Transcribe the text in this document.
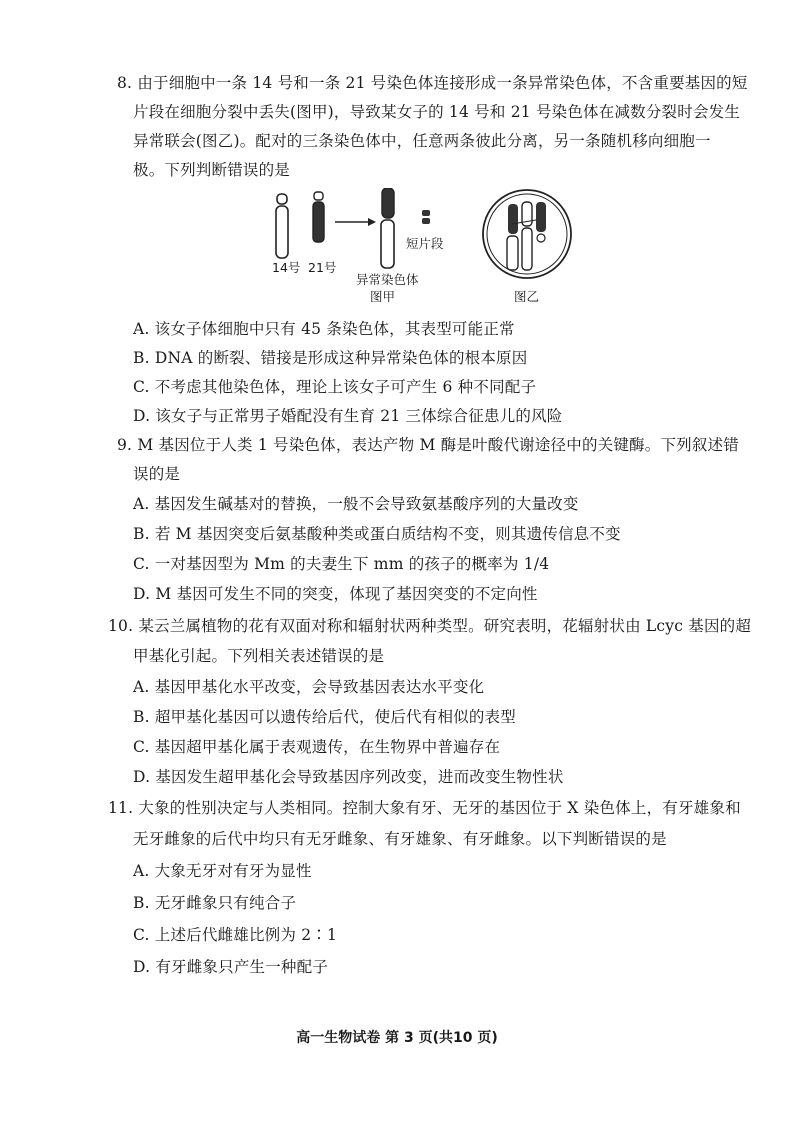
8. 由于细胞中一条 14 号和一条 21 号染色体连接形成一条异常染色体，不含重要基因的短
片段在细胞分裂中丢失(图甲)，导致某女子的 14 号和 21 号染色体在减数分裂时会发生
异常联会(图乙)。配对的三条染色体中，任意两条彼此分离，另一条随机移向细胞一
极。下列判断错误的是
短片段
14号 21号
异常染色体
图甲	图乙
A. 该女子体细胞中只有 45 条染色体，其表型可能正常
B. DNA 的断裂、错接是形成这种异常染色体的根本原因
C. 不考虑其他染色体，理论上该女子可产生 6 种不同配子
D. 该女子与正常男子婚配没有生育 21 三体综合征患儿的风险
9. M 基因位于人类 1 号染色体，表达产物 M 酶是叶酸代谢途径中的关键酶。下列叙述错
误的是
A. 基因发生碱基对的替换，一般不会导致氨基酸序列的大量改变
B. 若 M 基因突变后氨基酸种类或蛋白质结构不变，则其遗传信息不变
C. 一对基因型为 Mm 的夫妻生下 mm 的孩子的概率为 1/4
D. M 基因可发生不同的突变，体现了基因突变的不定向性
10. 某云兰属植物的花有双面对称和辐射状两种类型。研究表明，花辐射状由 Lcyc 基因的超
甲基化引起。下列相关表述错误的是
A. 基因甲基化水平改变，会导致基因表达水平变化
B. 超甲基化基因可以遗传给后代，使后代有相似的表型
C. 基因超甲基化属于表观遗传，在生物界中普遍存在
D. 基因发生超甲基化会导致基因序列改变，进而改变生物性状
11. 大象的性别决定与人类相同。控制大象有牙、无牙的基因位于 X 染色体上，有牙雄象和
无牙雌象的后代中均只有无牙雌象、有牙雄象、有牙雌象。以下判断错误的是
A. 大象无牙对有牙为显性
B. 无牙雌象只有纯合子
C. 上述后代雌雄比例为 2∶1
D. 有牙雌象只产生一种配子
高一生物试卷 第 3 页(共10 页)
